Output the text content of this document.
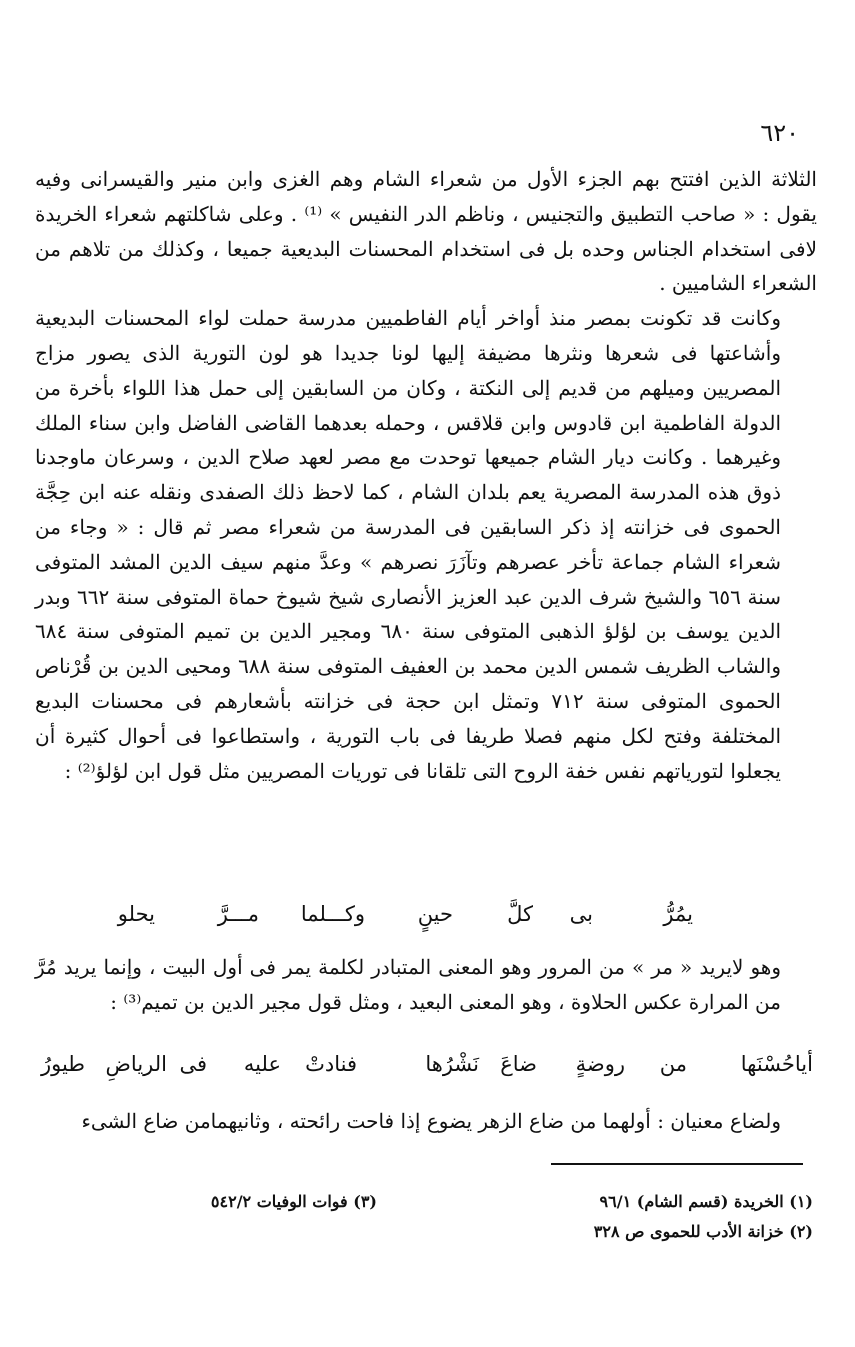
٦٢٠

الثلاثة الذين افتتح بهم الجزء الأول من شعراء الشام وهم الغزى وابن منير والقيسرانى وفيه يقول : « صاحب التطبيق والتجنيس ، وناظم الدر النفيس » ⁽¹⁾ . وعلى شاكلتهم شعراء الخريدة لافى استخدام الجناس وحده بل فى استخدام المحسنات البديعية جميعا ، وكذلك من تلاهم من الشعراء الشاميين .

وكانت قد تكونت بمصر منذ أواخر أيام الفاطميين مدرسة حملت لواء المحسنات البديعية وأشاعتها فى شعرها ونثرها مضيفة إليها لونا جديدا هو لون التورية الذى يصور مزاج المصريين وميلهم من قديم إلى النكتة ، وكان من السابقين إلى حمل هذا اللواء بأخرة من الدولة الفاطمية ابن قادوس وابن قلاقس ، وحمله بعدهما القاضى الفاضل وابن سناء الملك وغيرهما . وكانت ديار الشام جميعها توحدت مع مصر لعهد صلاح الدين ، وسرعان ماوجدنا ذوق هذه المدرسة المصرية يعم بلدان الشام ، كما لاحظ ذلك الصفدى ونقله عنه ابن حِجَّة الحموى فى خزانته إذ ذكر السابقين فى المدرسة من شعراء مصر ثم قال : « وجاء من شعراء الشام جماعة تأخر عصرهم وتآزَرَ نصرهم » وعدَّ منهم سيف الدين المشد المتوفى سنة ٦٥٦ والشيخ شرف الدين عبد العزيز الأنصارى شيخ شيوخ حماة المتوفى سنة ٦٦٢ وبدر الدين يوسف بن لؤلؤ الذهبى المتوفى سنة ٦٨٠ ومجير الدين بن تميم المتوفى سنة ٦٨٤ والشاب الظريف شمس الدين محمد بن العفيف المتوفى سنة ٦٨٨ ومحيى الدين بن قُرْناص الحموى المتوفى سنة ٧١٢ وتمثل ابن حجة فى خزانته بأشعارهم فى محسنات البديع المختلفة وفتح لكل منهم فصلا طريفا فى باب التورية ، واستطاعوا فى أحوال كثيرة أن يجعلوا لتورياتهم نفس خفة الروح التى تلقانا فى توريات المصريين مثل قول ابن لؤلؤ⁽²⁾ :

يمُرُّ
بى
كلَّ
حينٍ
وكـــلما
مـــرَّ
يحلو

وهو لايريد « مر » من المرور وهو المعنى المتبادر لكلمة يمر فى أول البيت ، وإنما يريد مُرَّ من المرارة عكس الحلاوة ، وهو المعنى البعيد ، ومثل قول مجير الدين بن تميم⁽³⁾ :

أياحُسْنَها
من
روضةٍ
ضاعَ
نَشْرُها
فنادتْ
عليه
فى
الرياضِ
طيورُ

ولضاع معنيان : أولهما من ضاع الزهر يضوع إذا فاحت رائحته ، وثانيهمامن ضاع الشىء

(١) الخريدة (قسم الشام) ٩٦/١
(٢) خزانة الأدب للحموى ص ٣٢٨
(٣) فوات الوفيات ٥٤٢/٢
